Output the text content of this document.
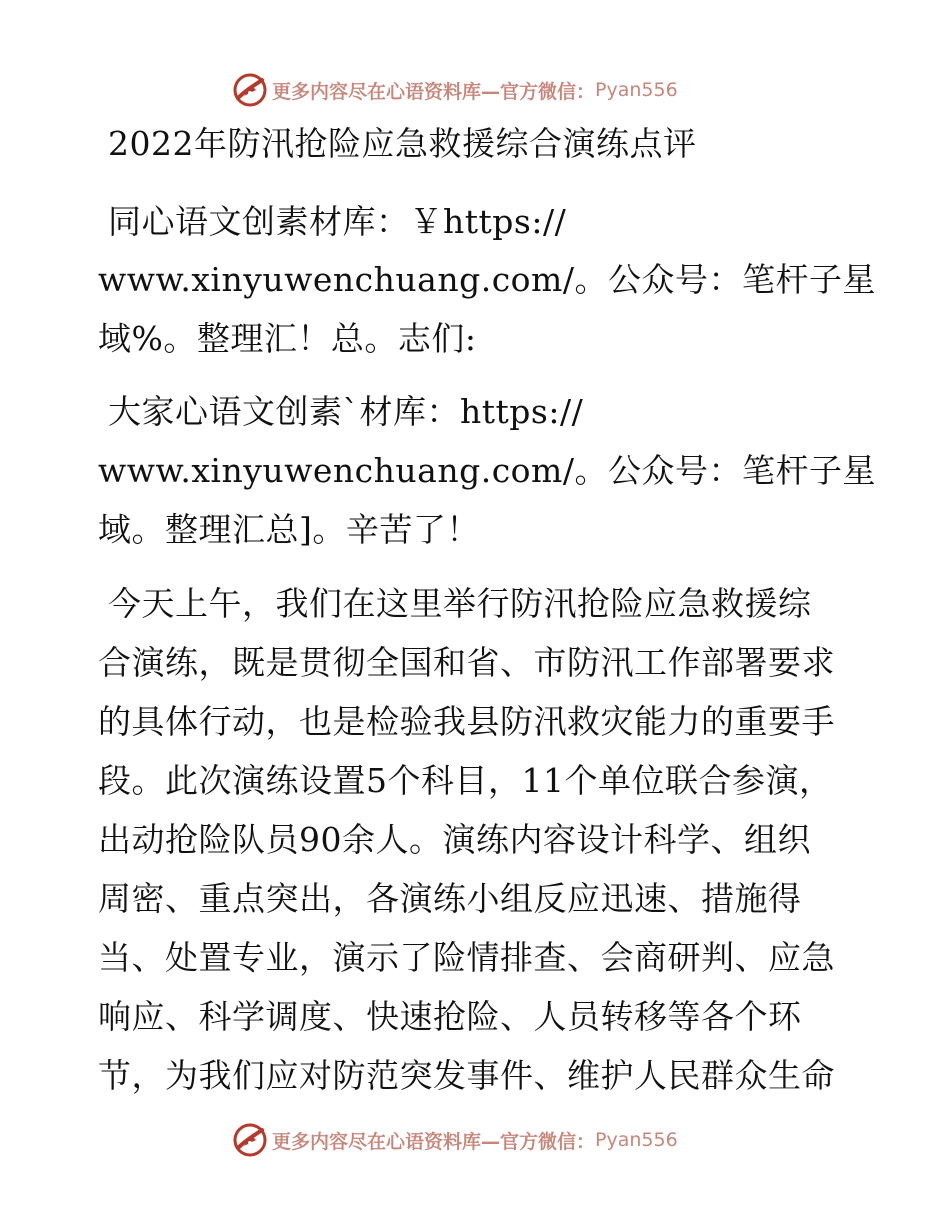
更多内容尽在心语资料库—官方微信： Pyan556
2022年防汛抢险应急救援综合演练点评
同心语文创素材库：￥https://
www.xinyuwenchuang.com/。公众号：笔杆子星
域%。整理汇！总。志们:
大家心语文创素`材库：https://
www.xinyuwenchuang.com/。公众号：笔杆子星
域。整理汇总]。辛苦了！
今天上午，我们在这里举行防汛抢险应急救援综
合演练，既是贯彻全国和省、市防汛工作部署要求
的具体行动，也是检验我县防汛救灾能力的重要手
段。此次演练设置5个科目，11个单位联合参演，
出动抢险队员90余人。演练内容设计科学、组织
周密、重点突出，各演练小组反应迅速、措施得
当、处置专业，演示了险情排查、会商研判、应急
响应、科学调度、快速抢险、人员转移等各个环
节，为我们应对防范突发事件、维护人民群众生命
更多内容尽在心语资料库—官方微信： Pyan556
